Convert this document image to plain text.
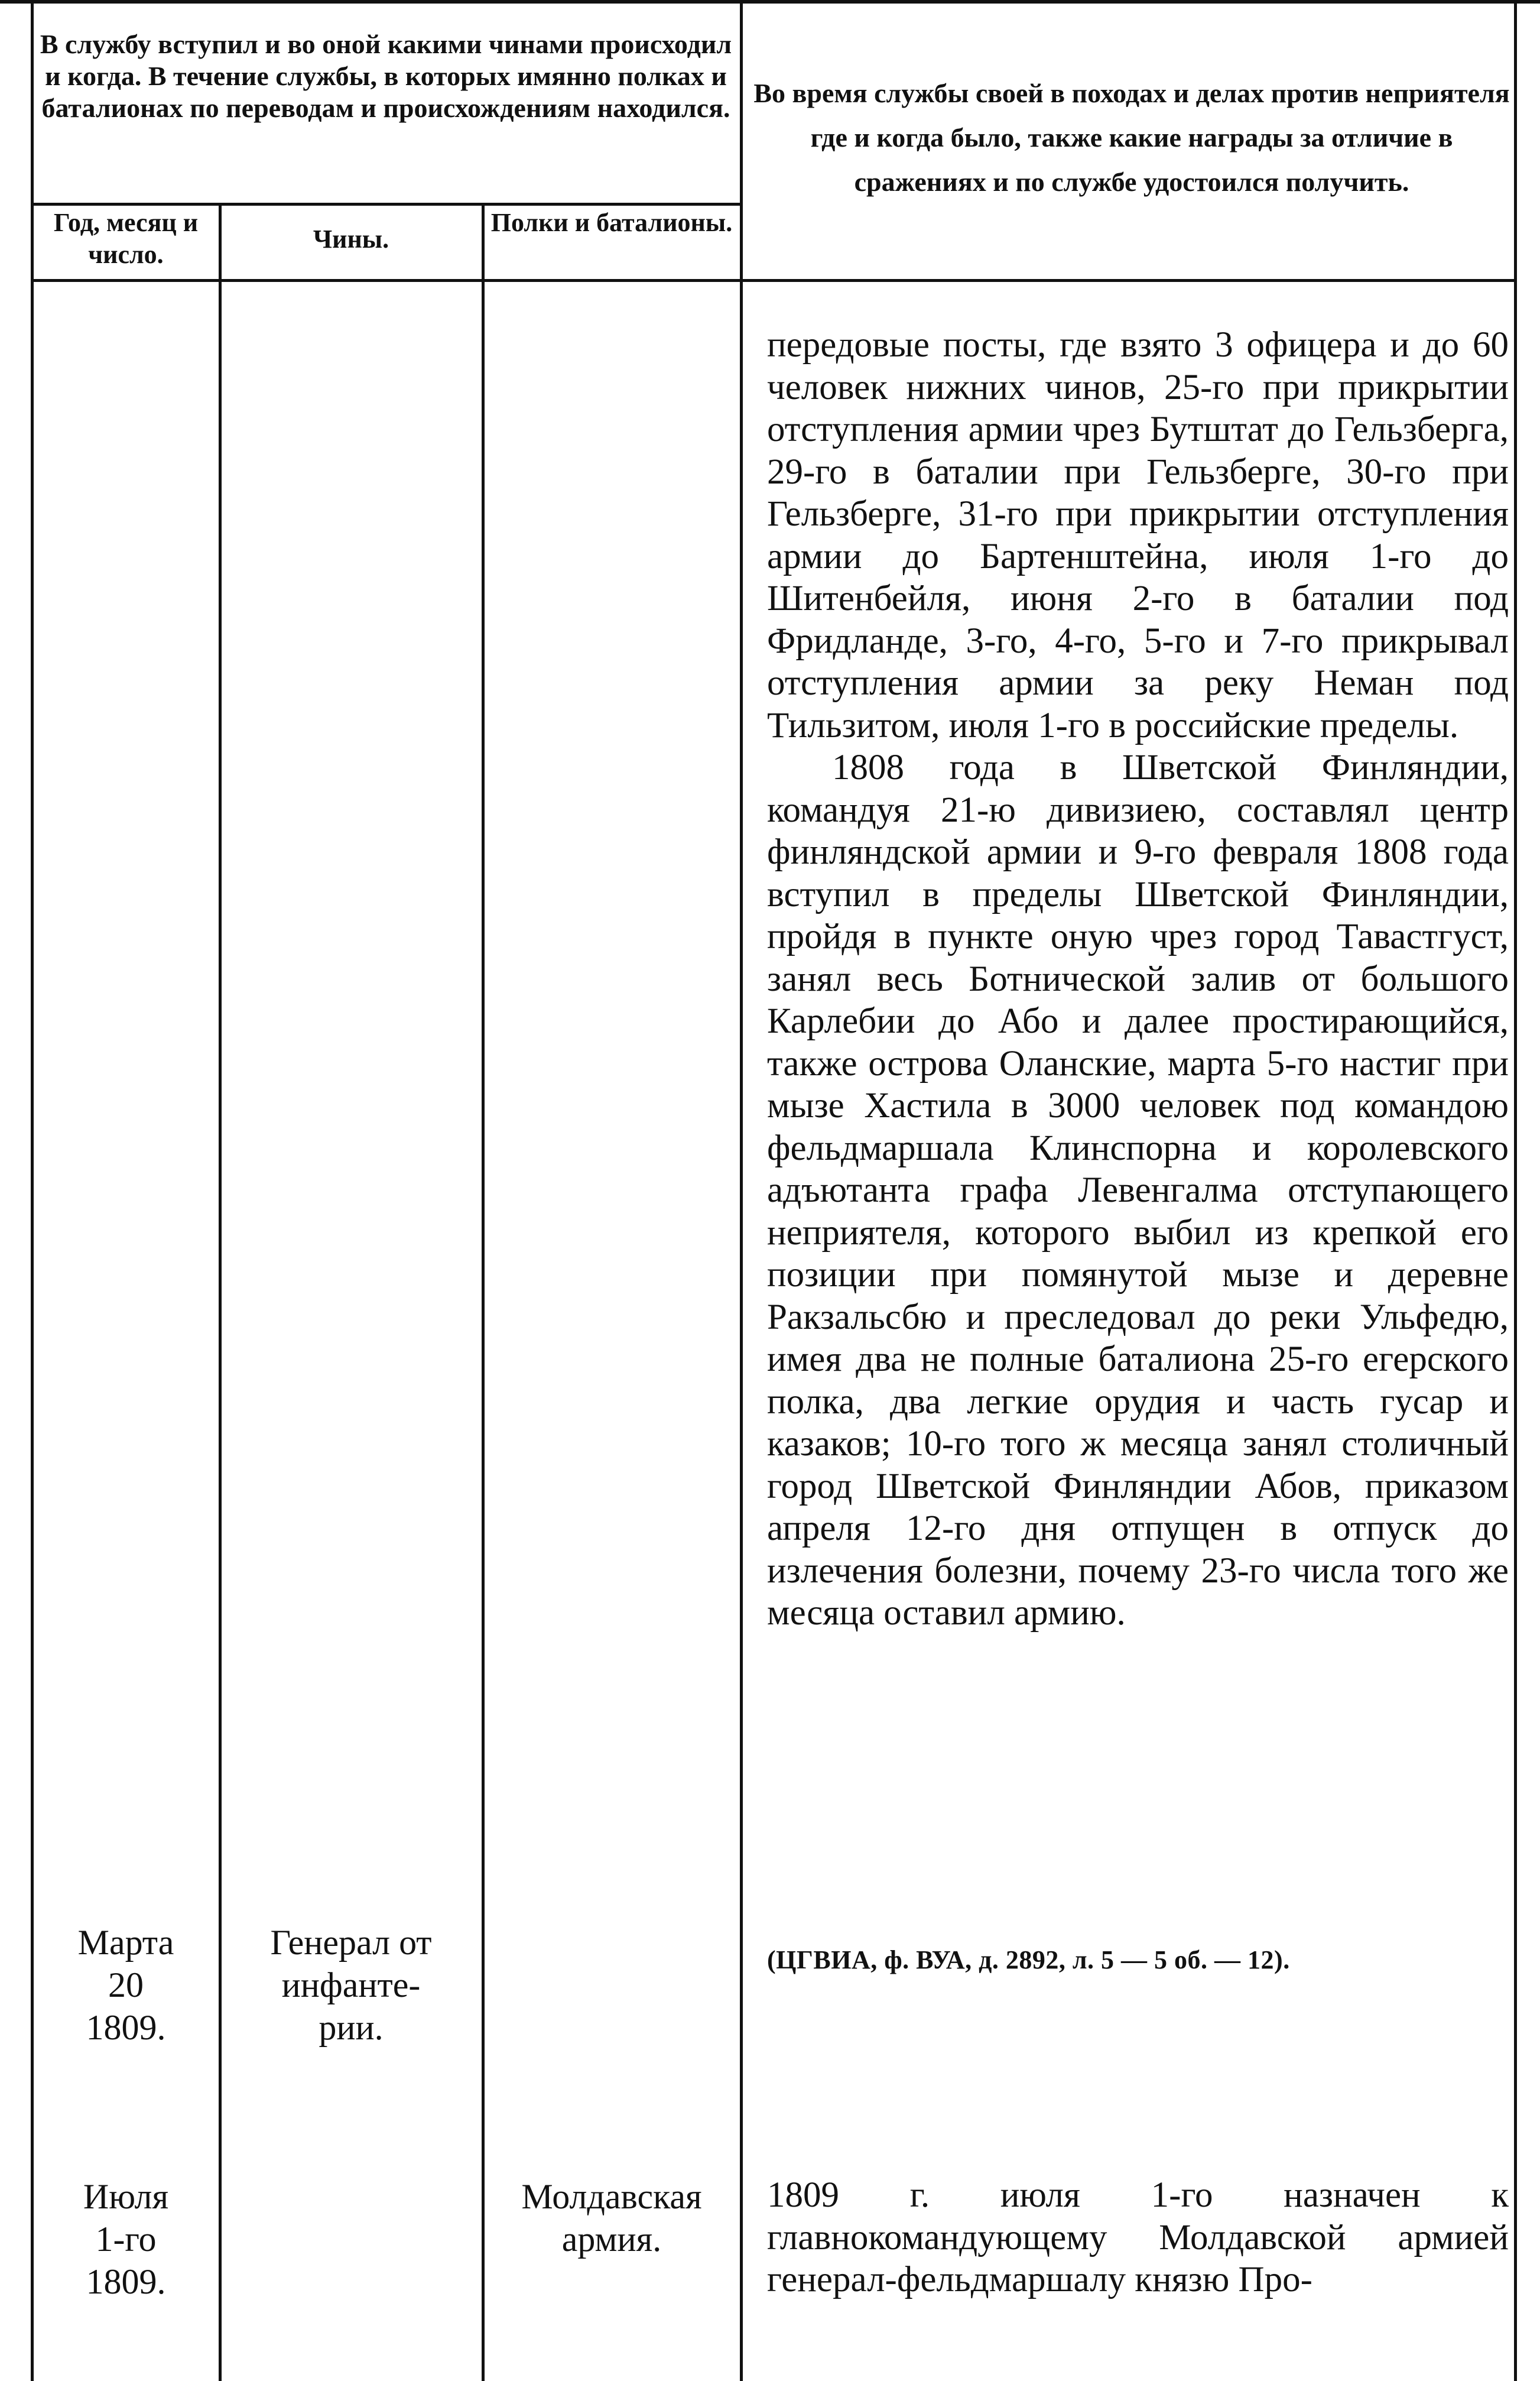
В службу вступил и во оной какими чинами происходил и когда. В течение службы, в которых имянно полках и баталионах по переводам и происхождениям находился. Во время службы своей в походах и делах против неприятеля где и когда было, также какие награды за отличие в сражениях и по службе удостоился получить.
Год, месяц и число.
Чины.
Полки и баталионы.

передовые посты, где взято 3 офицера и до 60 человек нижних чинов, 25-го при прикрытии отступления армии чрез Бутштат до Гельзберга, 29-го в баталии при Гельзберге, 30-го при Гельзберге, 31-го при прикрытии отступления армии до Бартенштейна, июля 1-го до Шитенбейля, июня 2-го в баталии под Фридланде, 3-го, 4-го, 5-го и 7-го прикрывал отступления армии за реку Неман под Тильзитом, июля 1-го в российские пределы.

1808 года в Шветской Финляндии, командуя 21-ю дивизиею, составлял центр финляндской армии и 9-го февраля 1808 года вступил в пределы Шветской Финляндии, пройдя в пункте оную чрез город Тавастгуст, занял весь Ботнической залив от большого Карлебии до Або и далее простирающийся, также острова Оланские, марта 5-го настиг при мызе Хастила в 3000 человек под командою фельдмаршала Клинспорна и королевского адъютанта графа Левенгалма отступающего неприятеля, которого выбил из крепкой его позиции при помянутой мызе и деревне Ракзальсбю и преследовал до реки Ульфедю, имея два не полные баталиона 25-го егерского полка, два легкие орудия и часть гусар и казаков; 10-го того ж месяца занял столичный город Шветской Финляндии Абов, приказом апреля 12-го дня отпущен в отпуск до излечения болезни, почему 23-го числа того же месяца оставил армию.

(ЦГВИА, ф. ВУА, д. 2892, л. 5 — 5 об. — 12).

1809 г. июля 1-го назначен к главнокомандующему Молдавской армией генерал-фельдмаршалу князю Про-

Марта
20
1809.
Генерал от
инфанте-
рии.
Июля
1-го
1809.
Молдавская
армия.
